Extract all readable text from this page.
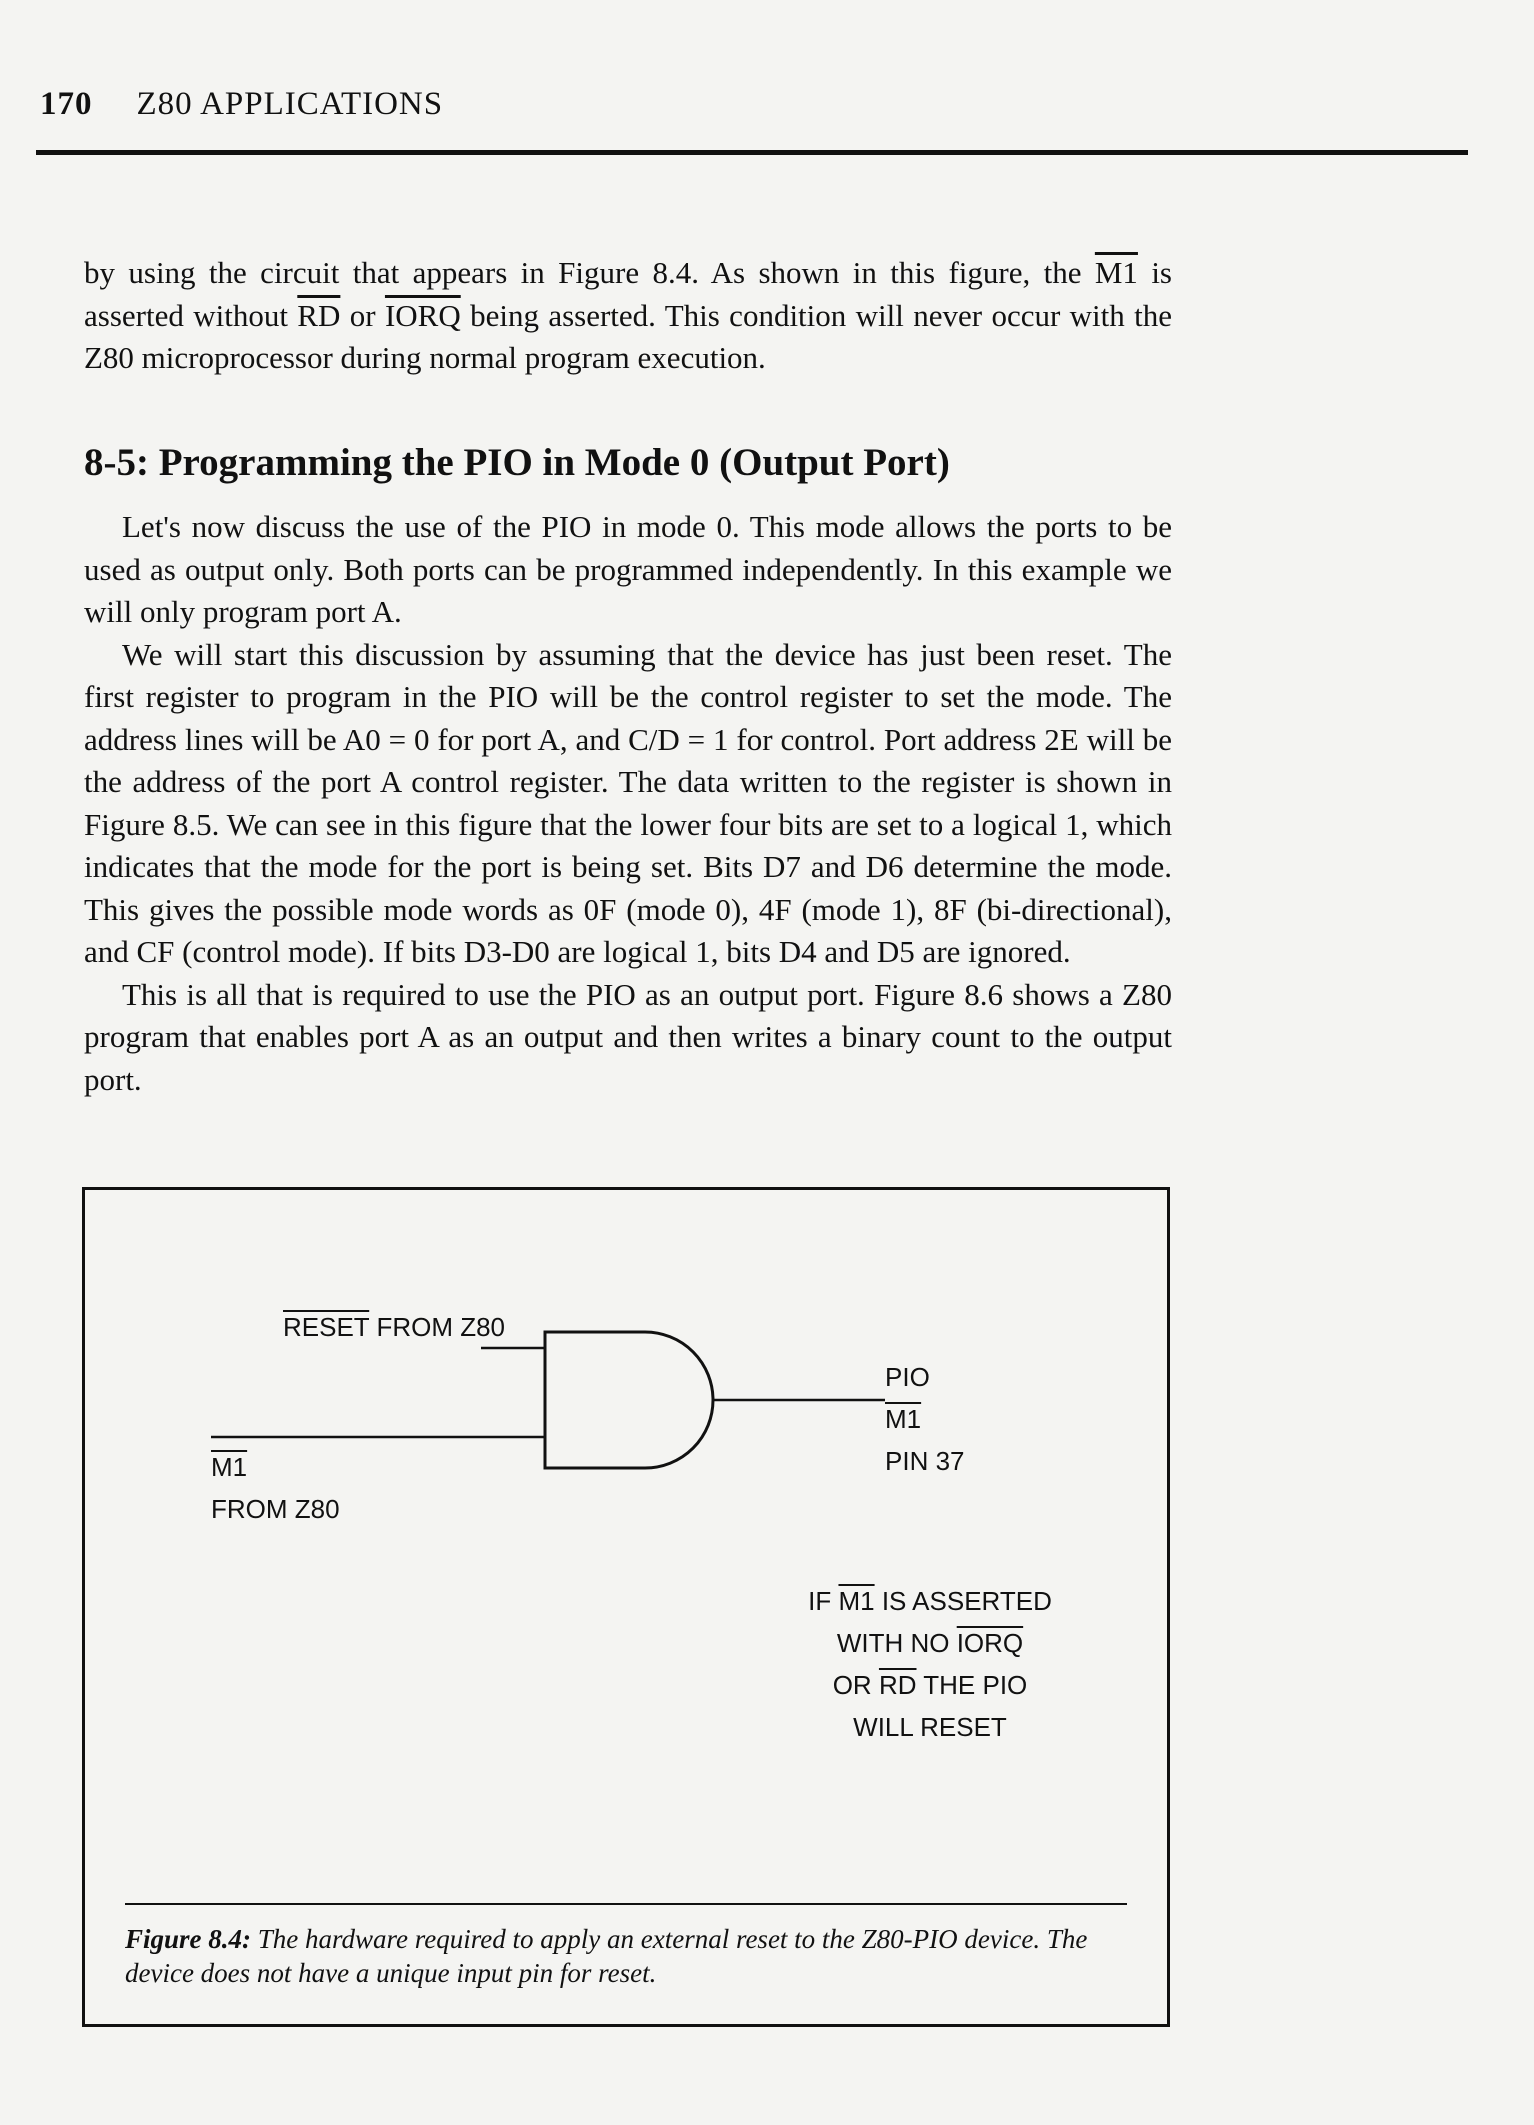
170 Z80 APPLICATIONS

by using the circuit that appears in Figure 8.4. As shown in this figure, the M1 is asserted without $\overline{RD}$ or IORQ being asserted. This condition will never occur with the Z80 microprocessor during normal program execution.

8-5: Programming the PIO in Mode 0 (Output Port)

Let's now discuss the use of the PIO in mode 0. This mode allows the ports to be used as output only. Both ports can be programmed independently. In this example we will only program port A.

We will start this discussion by assuming that the device has just been reset. The first register to program in the PIO will be the control register to set the mode. The address lines will be A0 = 0 for port A, and C/D = 1 for control. Port address 2E will be the address of the port A control register. The data written to the register is shown in Figure 8.5. We can see in this figure that the lower four bits are set to a logical 1, which indicates that the mode for the port is being set. Bits D7 and D6 determine the mode. This gives the possible mode words as 0F (mode 0), 4F (mode 1), 8F (bi-directional), and CF (control mode). If bits D3-D0 are logical 1, bits D4 and D5 are ignored.

This is all that is required to use the PIO as an output port. Figure 8.6 shows a Z80 program that enables port A as an output and then writes a binary count to the output port.

RESET FROM Z80
M1
FROM Z80
PIO
M1
PIN 37
IF M1 IS ASSERTED
WITH NO IORQ
OR $\overline{RD}$ THE PIO
WILL RESET
Figure 8.4: The hardware required to apply an external reset to the Z80-PIO device. The device does not have a unique input pin for reset.
